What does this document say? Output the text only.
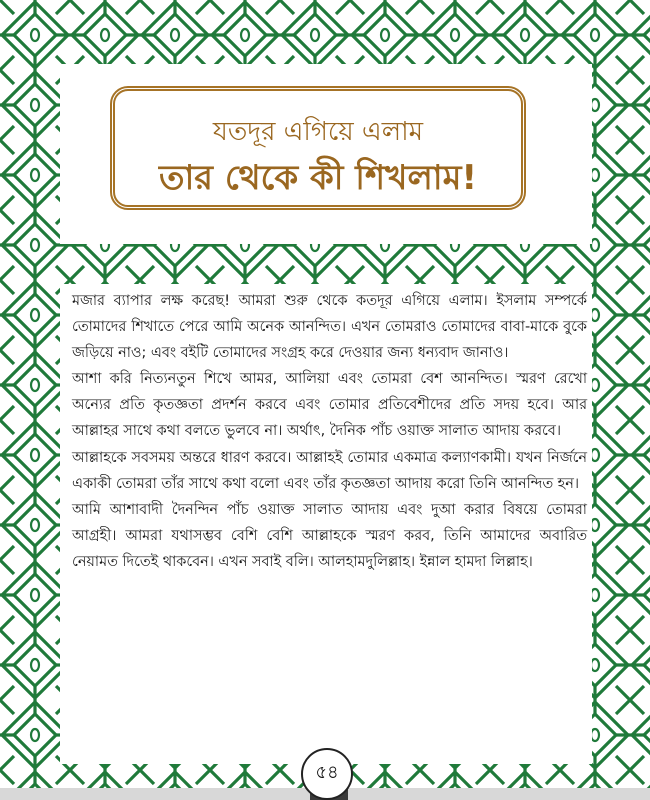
যতদূর এগিয়ে এলাম
তার থেকে কী শিখলাম!

মজার ব্যাপার লক্ষ করেছ! আমরা শুরু থেকে কতদূর এগিয়ে এলাম। ইসলাম সম্পর্কে তোমাদের শিখাতে পেরে আমি অনেক আনন্দিত। এখন তোমরাও তোমাদের বাবা-মাকে বুকে জড়িয়ে নাও; এবং বইটি তোমাদের সংগ্রহ করে দেওয়ার জন্য ধন্যবাদ জানাও।

আশা করি নিত্যনতুন শিখে আমর, আলিয়া এবং তোমরা বেশ আনন্দিত। স্মরণ রেখো অন্যের প্রতি কৃতজ্ঞতা প্রদর্শন করবে এবং তোমার প্রতিবেশীদের প্রতি সদয় হবে। আর আল্লাহর সাথে কথা বলতে ভুলবে না। অর্থাৎ, দৈনিক পাঁচ ওয়াক্ত সালাত আদায় করবে।

আল্লাহকে সবসময় অন্তরে ধারণ করবে। আল্লাহই তোমার একমাত্র কল্যাণকামী। যখন নির্জনে একাকী তোমরা তাঁর সাথে কথা বলো এবং তাঁর কৃতজ্ঞতা আদায় করো তিনি আনন্দিত হন।

আমি আশাবাদী দৈনন্দিন পাঁচ ওয়াক্ত সালাত আদায় এবং দুআ করার বিষয়ে তোমরা আগ্রহী। আমরা যথাসম্ভব বেশি বেশি আল্লাহকে স্মরণ করব, তিনি আমাদের অবারিত নেয়ামত দিতেই থাকবেন। এখন সবাই বলি। আলহামদুলিল্লাহ। ইন্নাল হামদা লিল্লাহ।

৫৪
